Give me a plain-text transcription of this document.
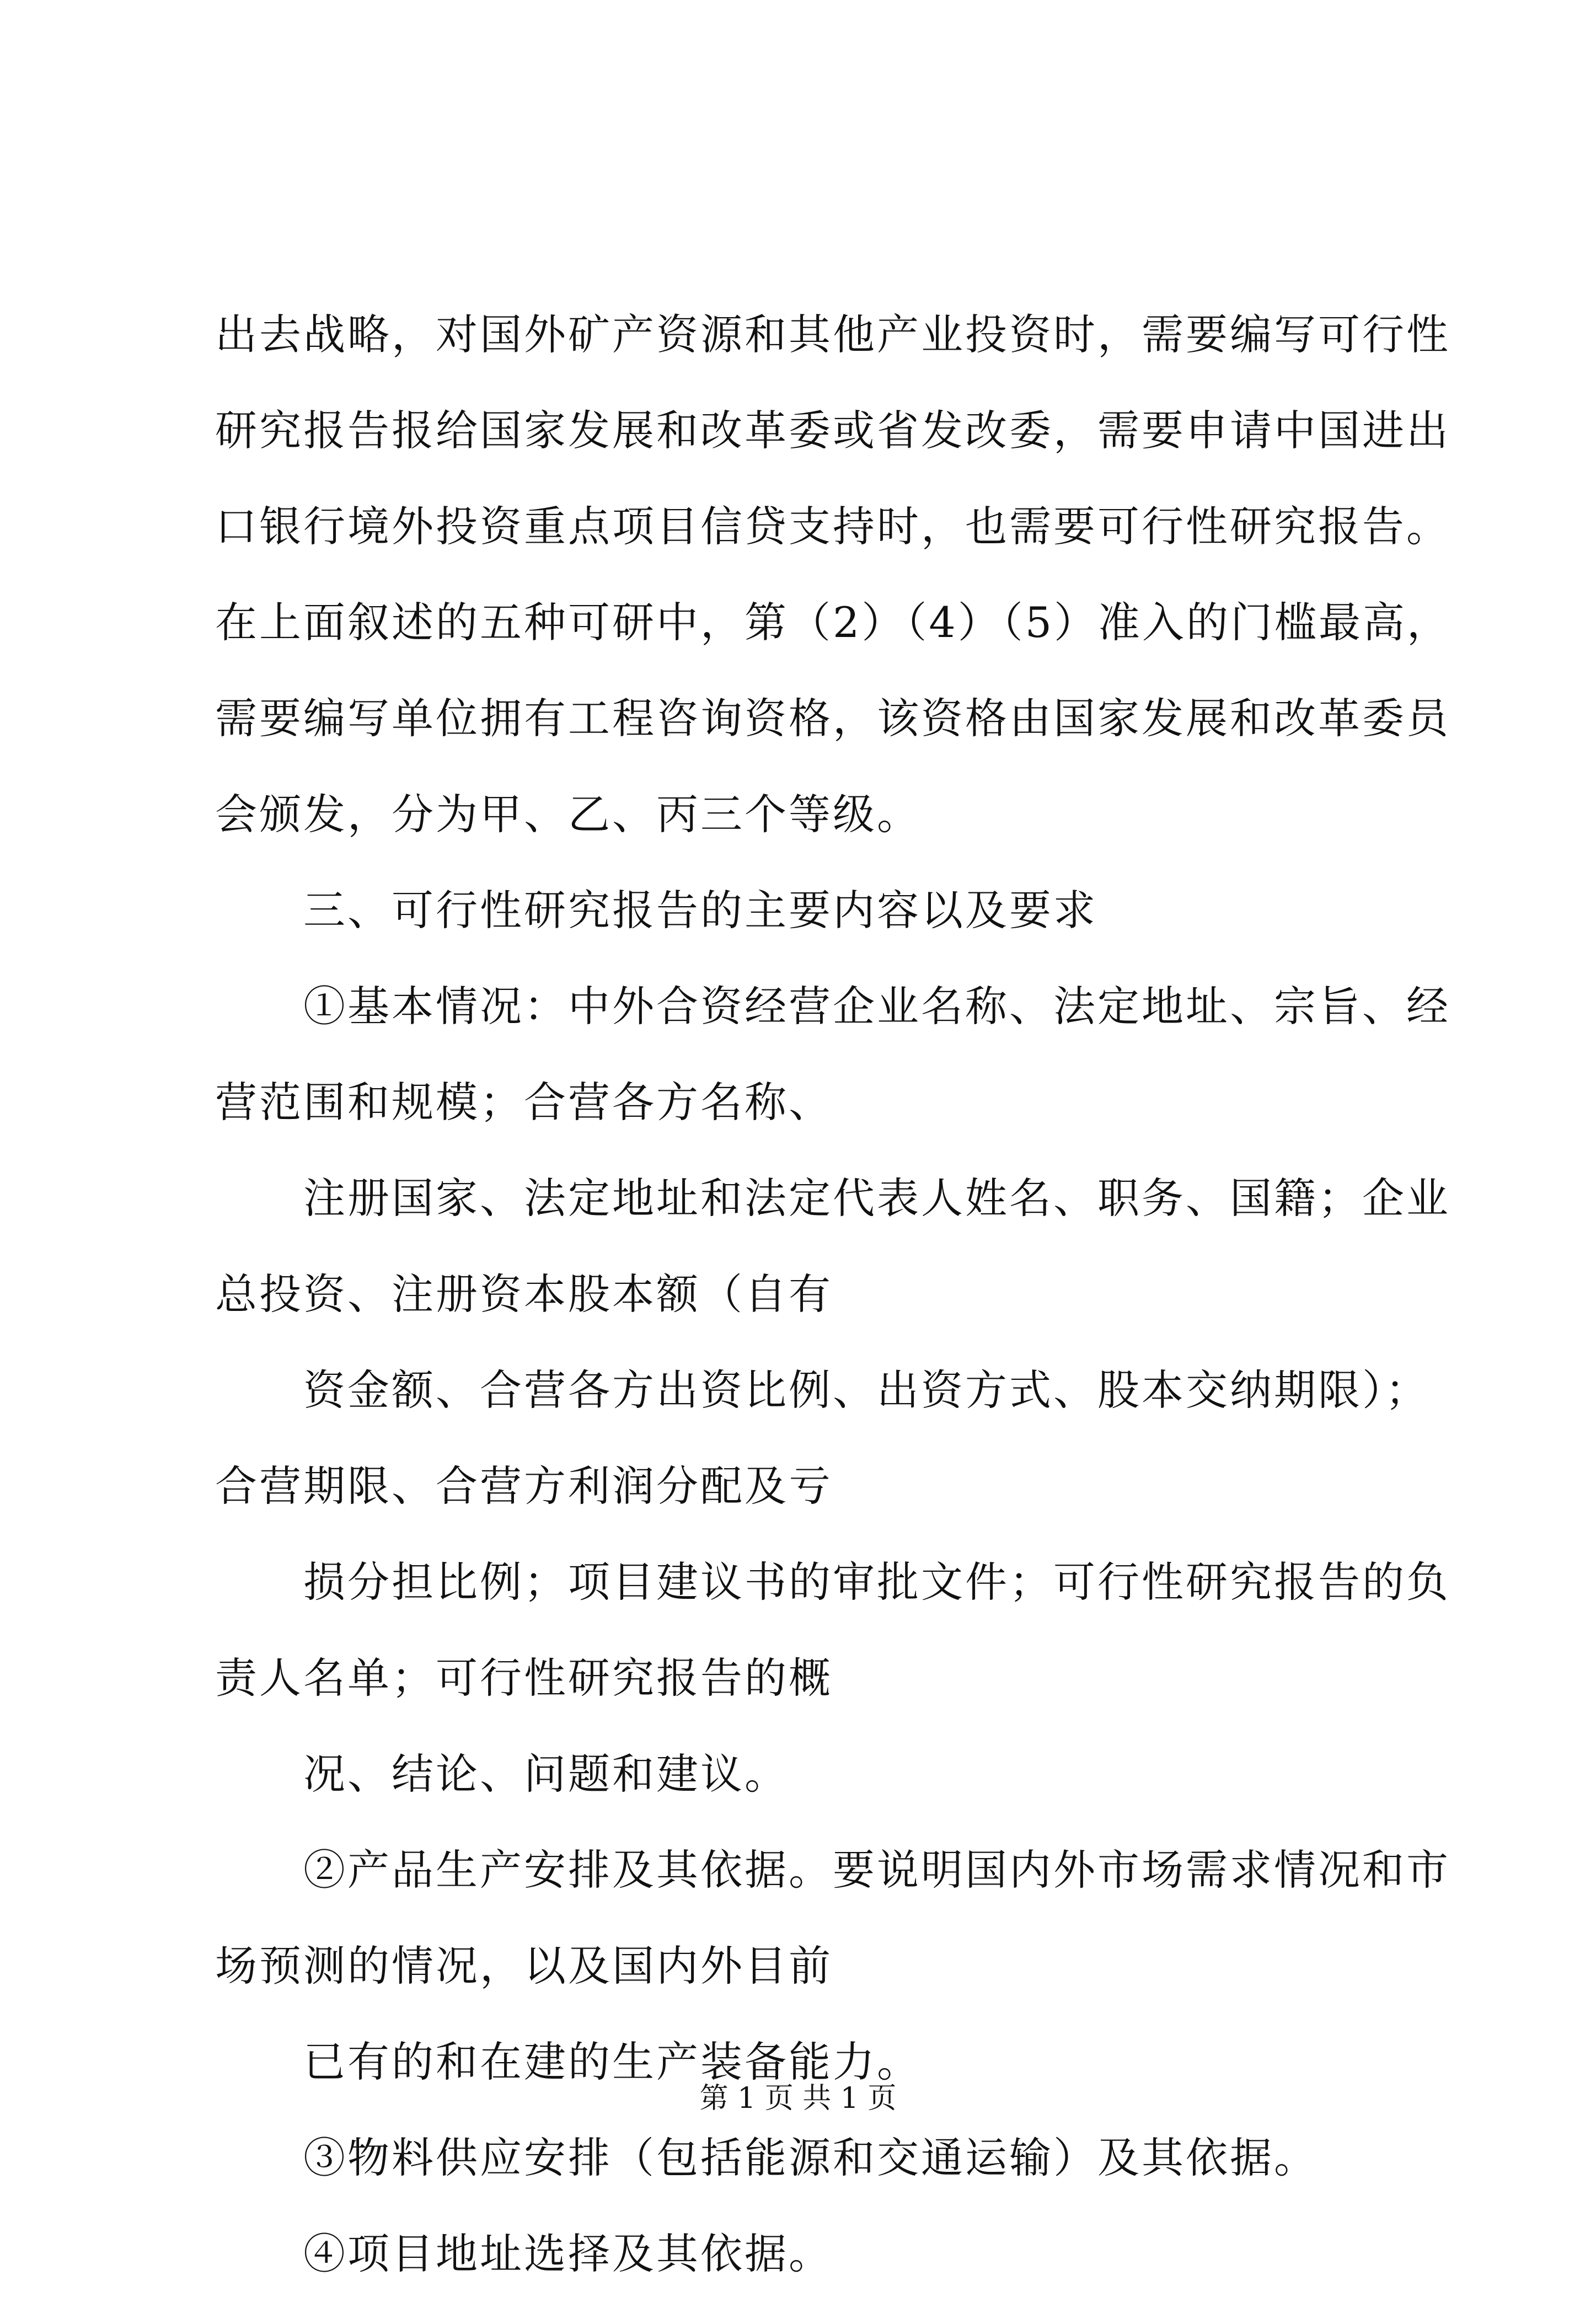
出去战略，对国外矿产资源和其他产业投资时，需要编写可行性
研究报告报给国家发展和改革委或省发改委，需要申请中国进出
口银行境外投资重点项目信贷支持时，也需要可行性研究报告。
在上面叙述的五种可研中，第（2）（4）（5）准入的门槛最高，
需要编写单位拥有工程咨询资格，该资格由国家发展和改革委员
会颁发，分为甲、乙、丙三个等级。
三、可行性研究报告的主要内容以及要求
①基本情况：中外合资经营企业名称、法定地址、宗旨、经
营范围和规模；合营各方名称、
注册国家、法定地址和法定代表人姓名、职务、国籍；企业
总投资、注册资本股本额（自有
资金额、合营各方出资比例、出资方式、股本交纳期限）；
合营期限、合营方利润分配及亏
损分担比例；项目建议书的审批文件；可行性研究报告的负
责人名单；可行性研究报告的概
况、结论、问题和建议。
②产品生产安排及其依据。要说明国内外市场需求情况和市
场预测的情况，以及国内外目前
已有的和在建的生产装备能力。
③物料供应安排（包括能源和交通运输）及其依据。
④项目地址选择及其依据。
第 1 页 共 1 页
